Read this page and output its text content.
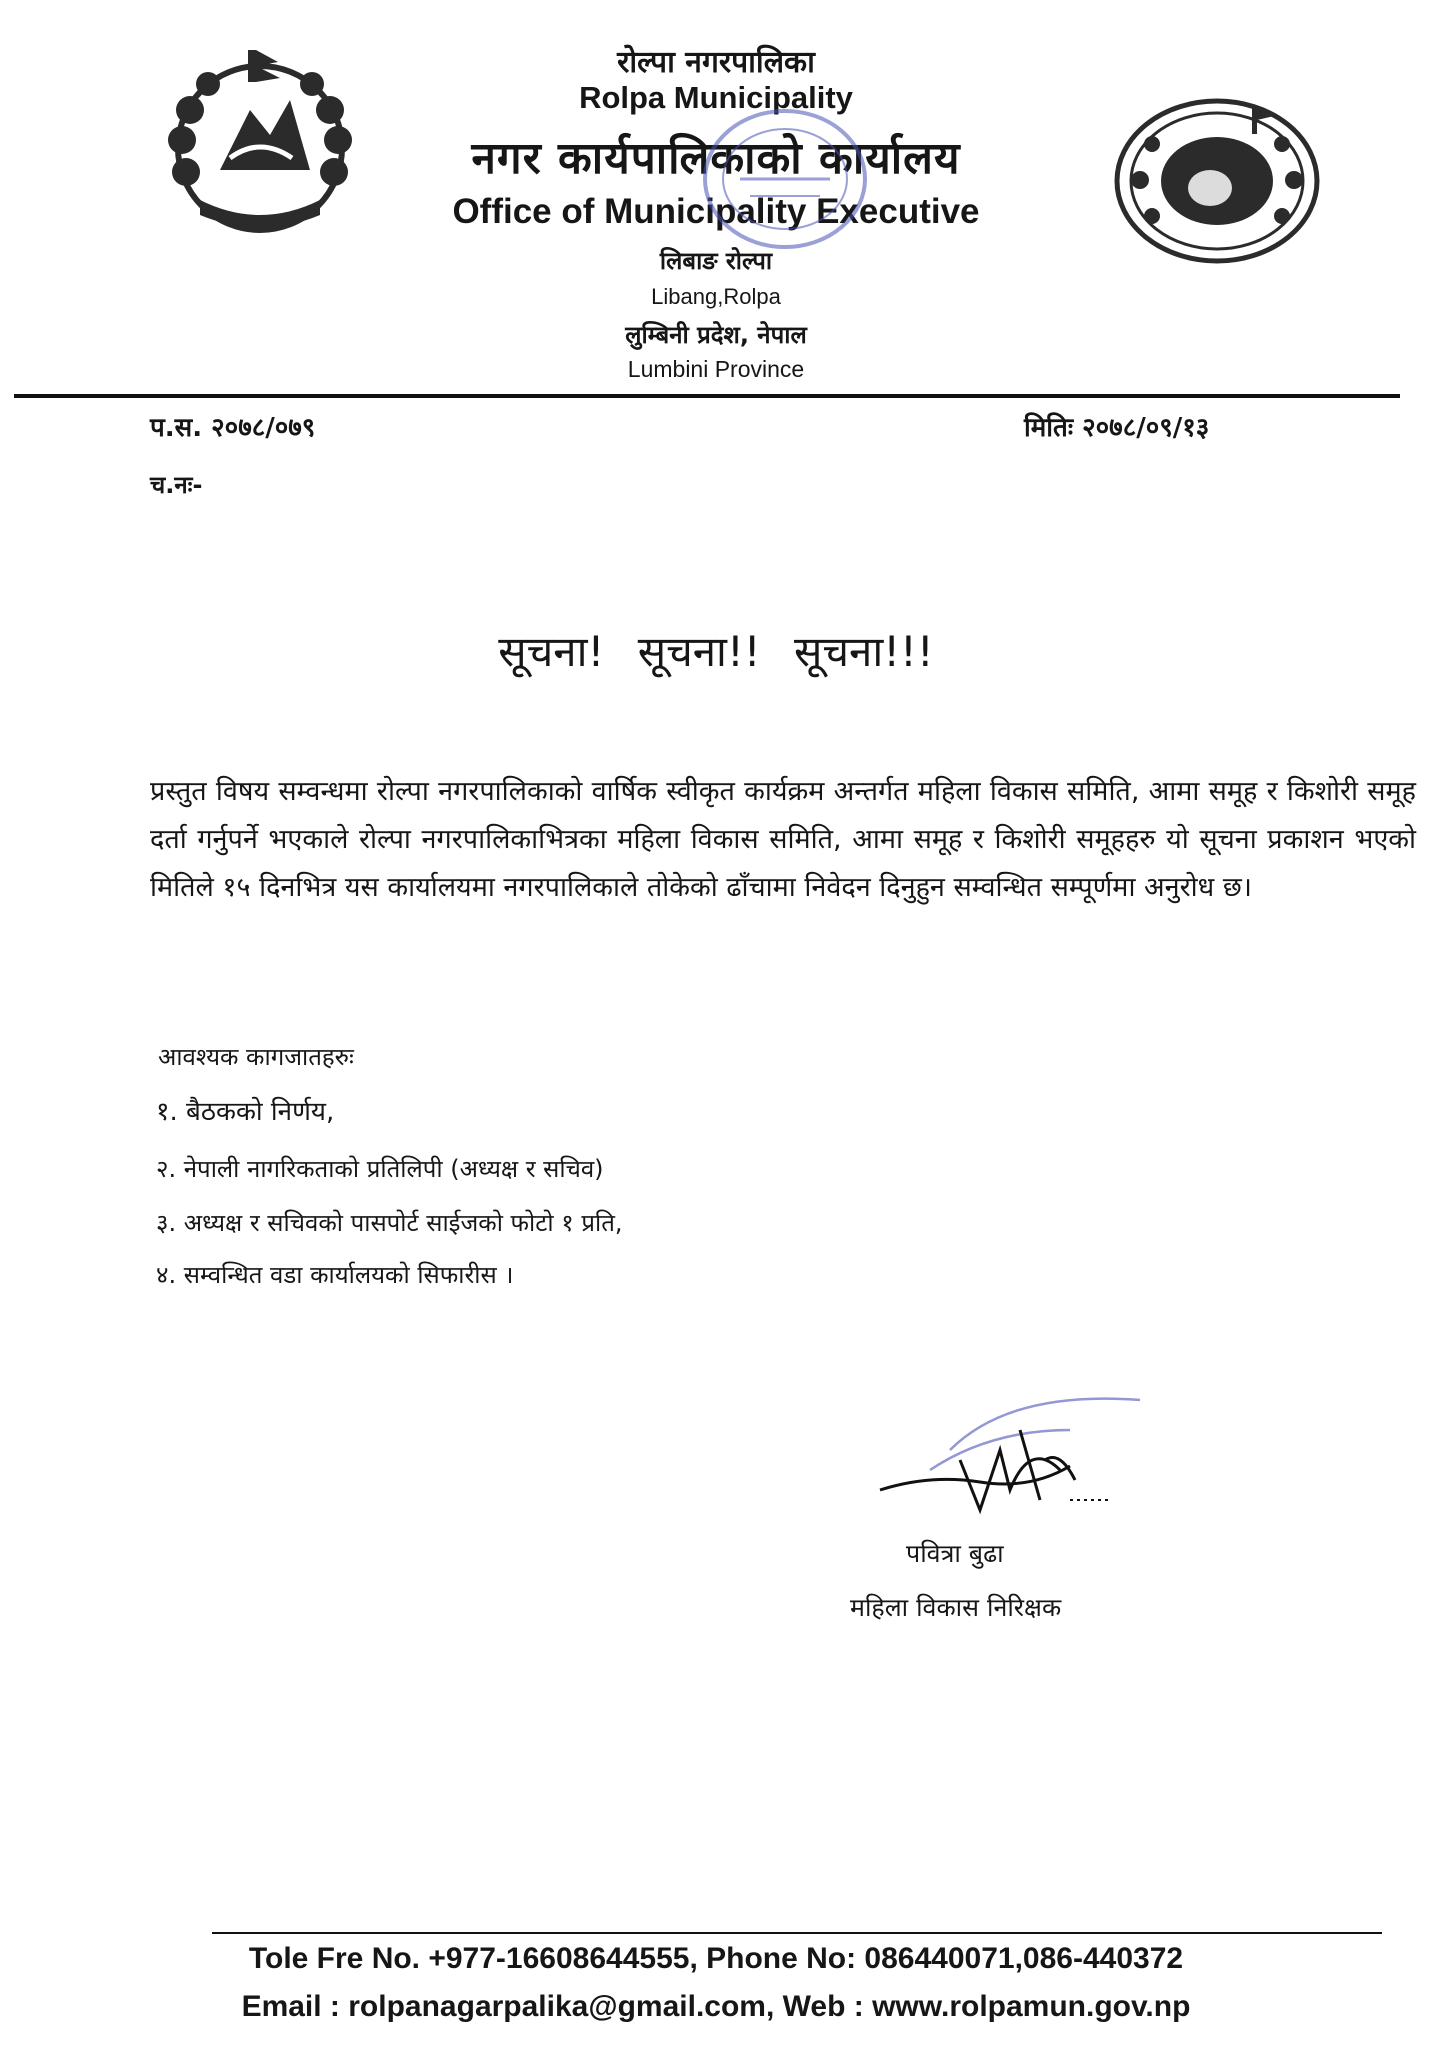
रोल्पा नगरपालिका
Rolpa Municipality
नगर कार्यपालिकाको कार्यालय
Office of Municipality Executive
लिबाङ रोल्पा
Libang,Rolpa
लुम्बिनी प्रदेश, नेपाल
Lumbini Province
प.स. २०७८/०७९	मितिः २०७८/०९/१३
च.नः-
सूचना! सूचना!! सूचना!!!
प्रस्तुत विषय सम्वन्धमा रोल्पा नगरपालिकाको वार्षिक स्वीकृत कार्यक्रम अन्तर्गत महिला विकास समिति, आमा समूह र किशोरी समूह दर्ता गर्नुपर्ने भएकाले रोल्पा नगरपालिकाभित्रका महिला विकास समिति, आमा समूह र किशोरी समूहहरु यो सूचना प्रकाशन भएको मितिले १५ दिनभित्र यस कार्यालयमा नगरपालिकाले तोकेको ढाँचामा निवेदन दिनुहुन सम्वन्धित सम्पूर्णमा अनुरोध छ।
आवश्यक कागजातहरुः
१. बैठकको निर्णय,
२. नेपाली नागरिकताको प्रतिलिपी (अध्यक्ष र सचिव)
३. अध्यक्ष र सचिवको पासपोर्ट साईजको फोटो १ प्रति,
४. सम्वन्धित वडा कार्यालयको सिफारीस ।
पवित्रा बुढा
महिला विकास निरिक्षक
Tole Fre No. +977-16608644555, Phone No: 086440071,086-440372
Email : rolpanagarpalika@gmail.com, Web : www.rolpamun.gov.np
